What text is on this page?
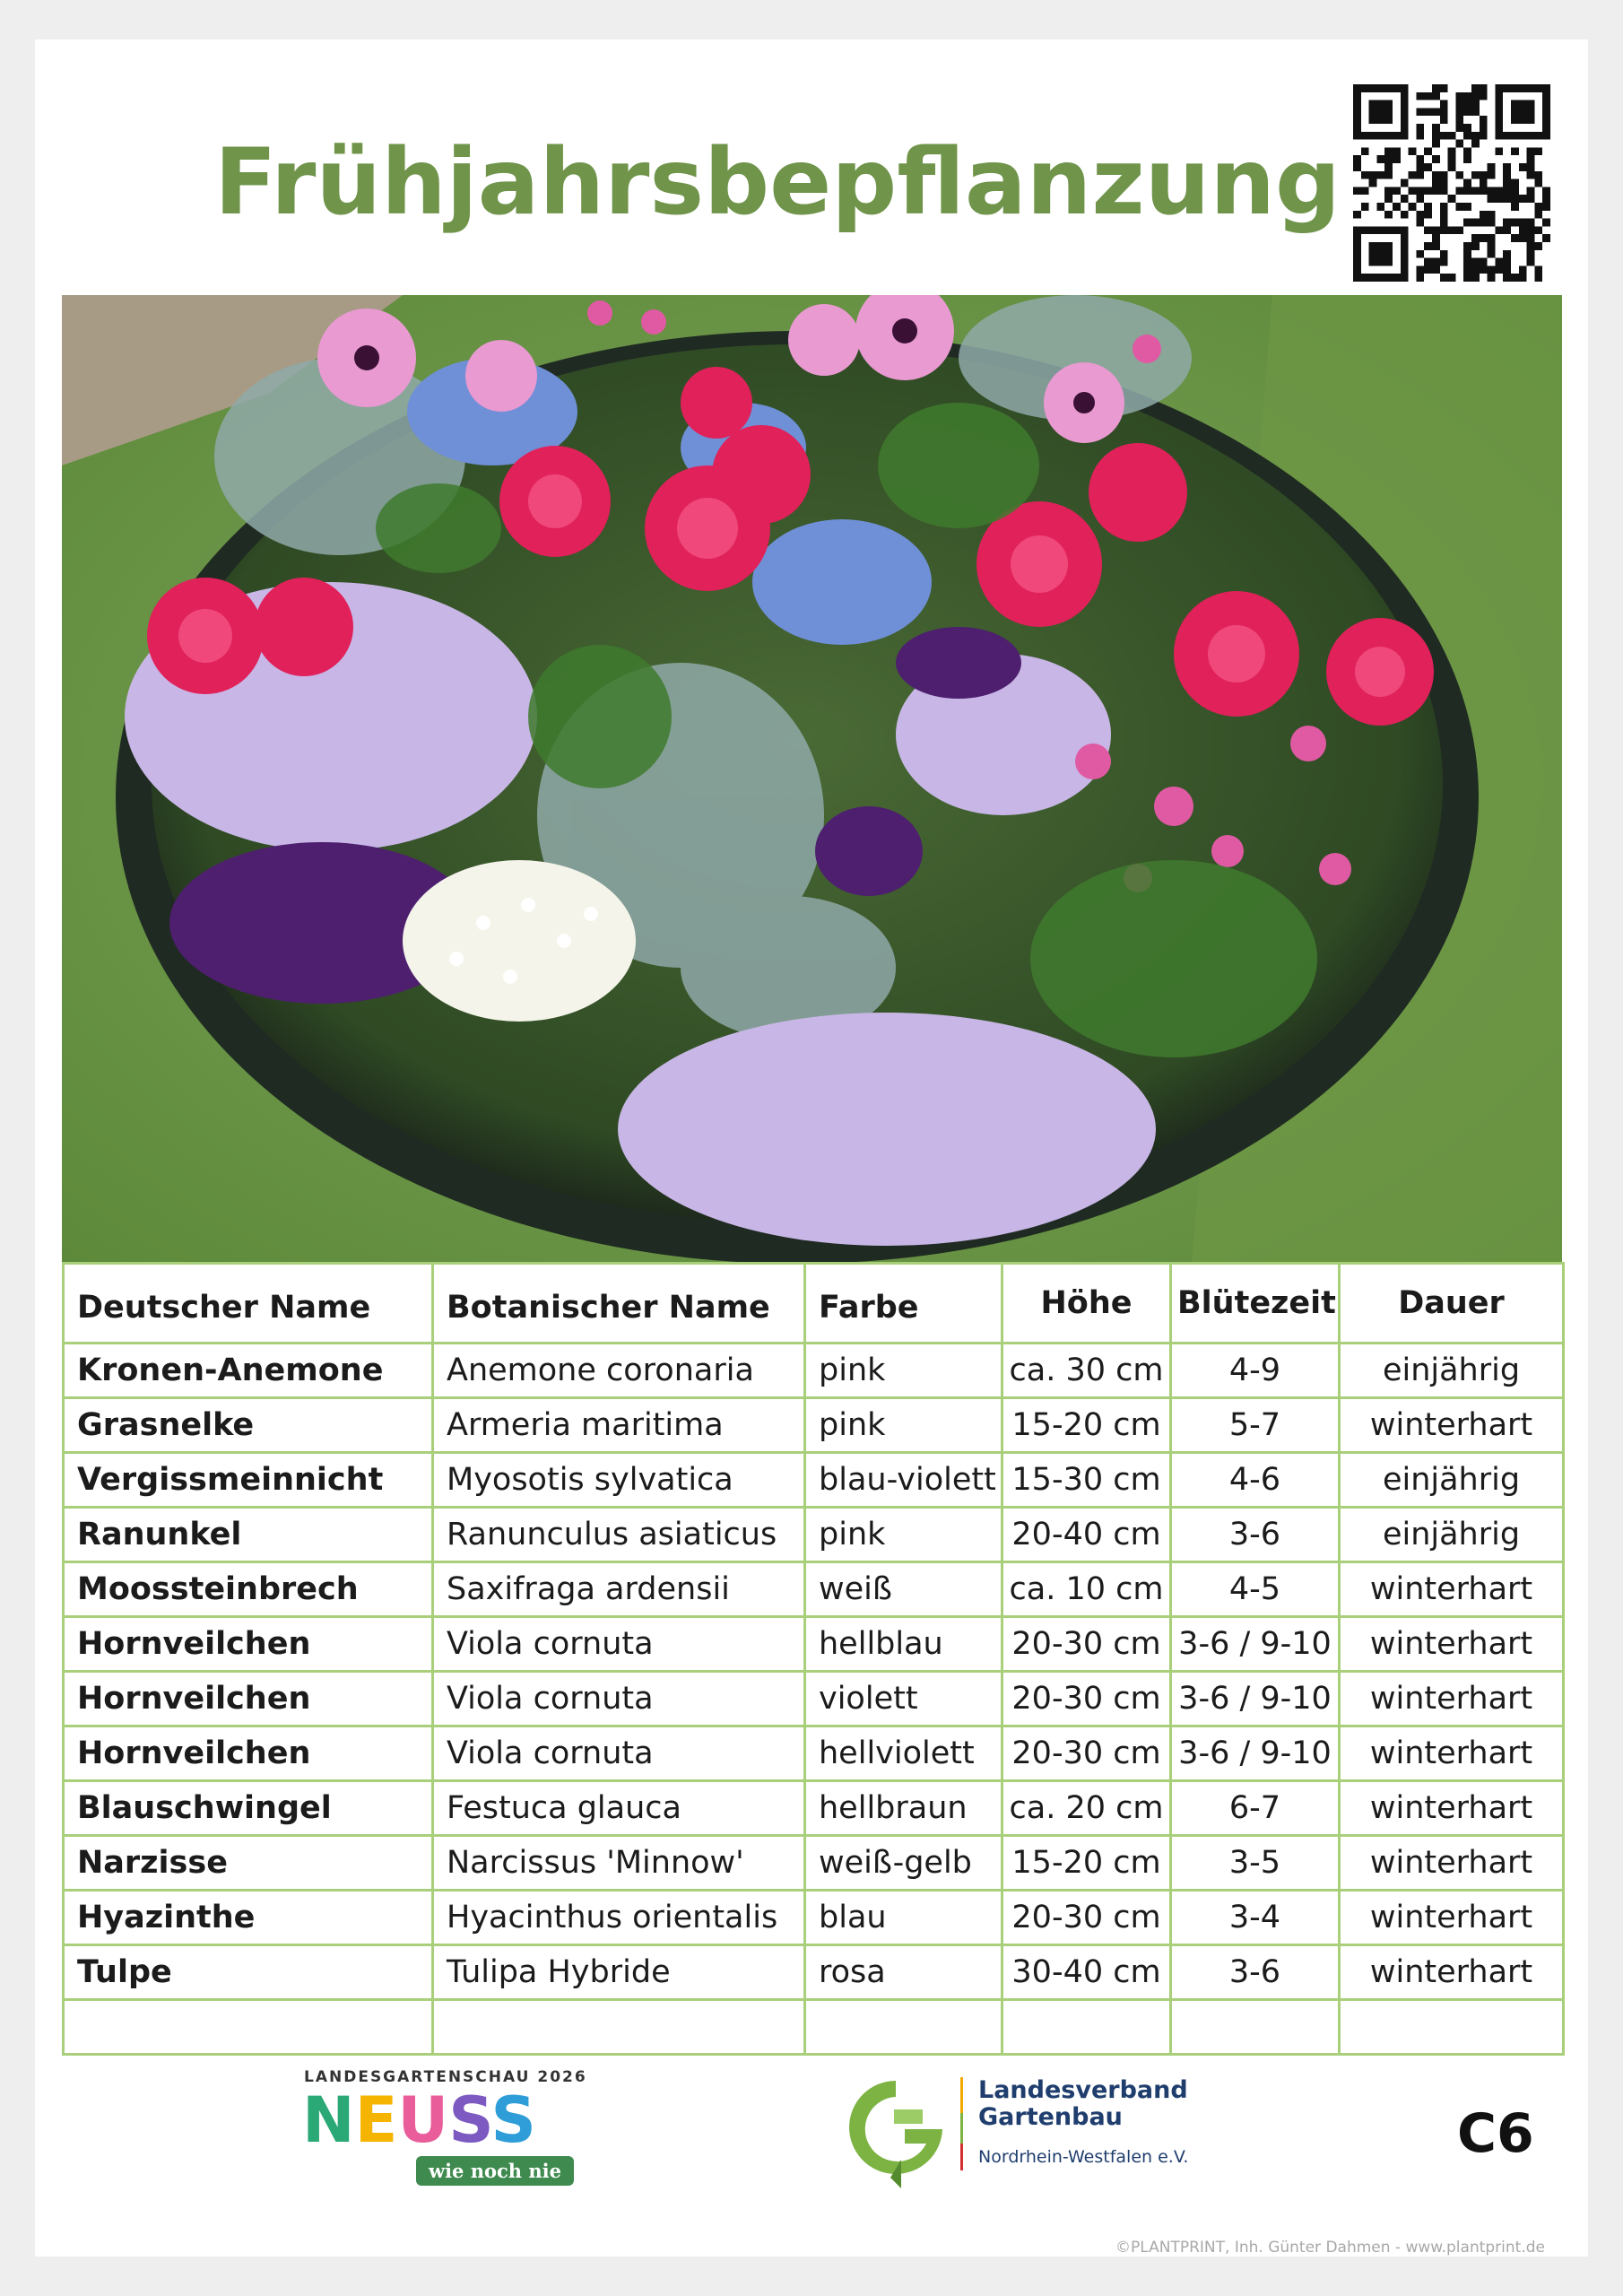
Frühjahrsbepflanzung
Deutscher Name	Botanischer Name	Farbe	Höhe	Blütezeit	Dauer
Kronen-Anemone	Anemone coronaria	pink	ca. 30 cm	4-9	einjährig
Grasnelke	Armeria maritima	pink	15-20 cm	5-7	winterhart
Vergissmeinnicht	Myosotis sylvatica	blau-violett	15-30 cm	4-6	einjährig
Ranunkel	Ranunculus asiaticus	pink	20-40 cm	3-6	einjährig
Moossteinbrech	Saxifraga ardensii	weiß	ca. 10 cm	4-5	winterhart
Hornveilchen	Viola cornuta	hellblau	20-30 cm	3-6 / 9-10	winterhart
Hornveilchen	Viola cornuta	violett	20-30 cm	3-6 / 9-10	winterhart
Hornveilchen	Viola cornuta	hellviolett	20-30 cm	3-6 / 9-10	winterhart
Blauschwingel	Festuca glauca	hellbraun	ca. 20 cm	6-7	winterhart
Narzisse	Narcissus 'Minnow'	weiß-gelb	15-20 cm	3-5	winterhart
Hyazinthe	Hyacinthus orientalis	blau	20-30 cm	3-4	winterhart
Tulpe	Tulipa Hybride	rosa	30-40 cm	3-6	winterhart

LANDESGARTENSCHAU 2026
NEUSS
wie noch nie
Landesverband
Gartenbau
Nordrhein-Westfalen e.V.	C6
©PLANTPRINT, Inh. Günter Dahmen - www.plantprint.de
